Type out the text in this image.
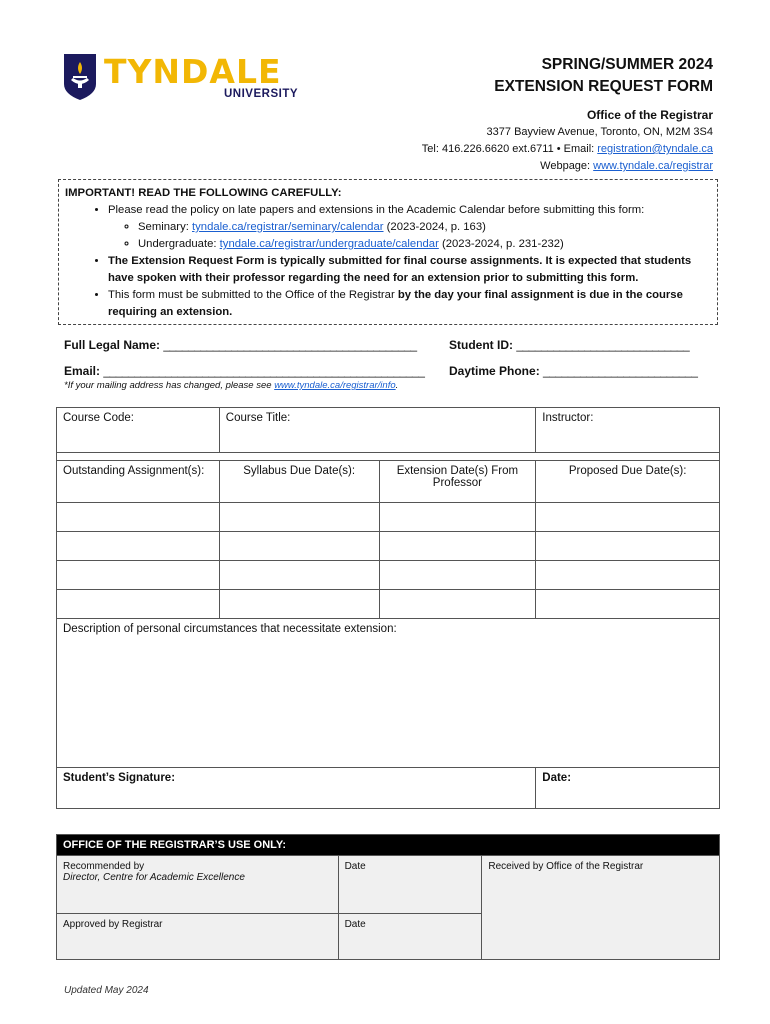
TYNDALE
UNIVERSITY
SPRING/SUMMER 2024
EXTENSION REQUEST FORM
Office of the Registrar
3377 Bayview Avenue, Toronto, ON, M2M 3S4
Tel: 416.226.6620 ext.6711 • Email: registration@tyndale.ca
Webpage: www.tyndale.ca/registrar
IMPORTANT! READ THE FOLLOWING CAREFULLY:
• Please read the policy on late papers and extensions in the Academic Calendar before submitting this form:
◦ Seminary: tyndale.ca/registrar/seminary/calendar (2023-2024, p. 163)
◦ Undergraduate: tyndale.ca/registrar/undergraduate/calendar (2023-2024, p. 231-232)
• The Extension Request Form is typically submitted for final course assignments. It is expected that students have spoken with their professor regarding the need for an extension prior to submitting this form.
• This form must be submitted to the Office of the Registrar by the day your final assignment is due in the course requiring an extension.
Full Legal Name: _________________________________________	Student ID: ____________________________
Email: ____________________________________________________ Daytime Phone: _________________________
*If your mailing address has changed, please see www.tyndale.ca/registrar/info.
Course Code:	Course Title:		Instructor:

Outstanding Assignment(s):	Syllabus Due Date(s):	Extension Date(s) From Professor	Proposed Due Date(s):

Description of personal circumstances that necessitate extension:			
Student’s Signature:			Date:
OFFICE OF THE REGISTRAR’S USE ONLY:		

Recommended by
Director, Centre for Academic Excellence	Date	Received by Office of the Registrar
Approved by Registrar	Date	
Updated May 2024
